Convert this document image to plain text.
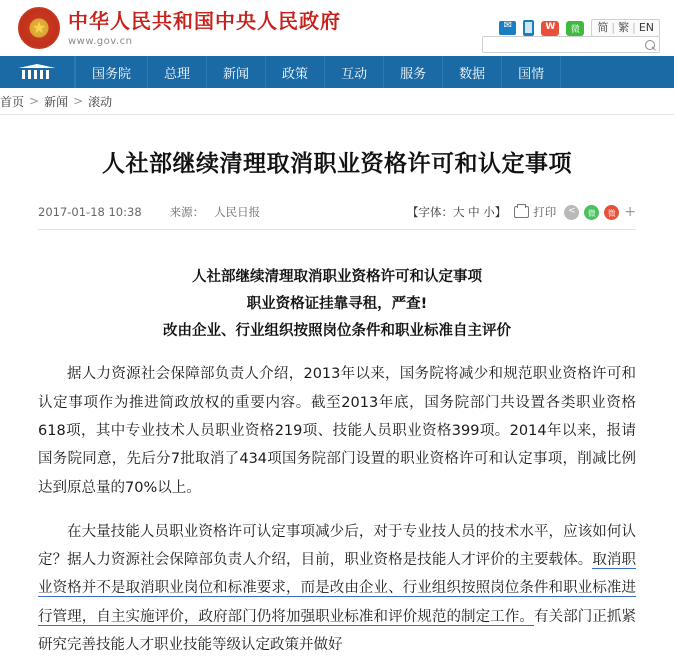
★
中华人民共和国中央人民政府
www.gov.cn
✉
W
微
简 | 繁 | EN
国务院	总理	新闻	政策	互动	服务	数据	国情
首页 > 新闻 > 滚动
人社部继续清理取消职业资格许可和认定事项
2017-01-18 10:38 来源： 人民日报	【字体：大 中 小】 打印 < 微 微	+
人社部继续清理取消职业资格许可和认定事项
职业资格证挂靠寻租，严查!
改由企业、行业组织按照岗位条件和职业标准自主评价

据人力资源社会保障部负责人介绍，2013年以来，国务院将减少和规范职业资格许可和认定事项作为推进简政放权的重要内容。截至2013年底，国务院部门共设置各类职业资格618项，其中专业技术人员职业资格219项、技能人员职业资格399项。2014年以来，报请国务院同意，先后分7批取消了434项国务院部门设置的职业资格许可和认定事项，削减比例达到原总量的70%以上。

在大量技能人员职业资格许可认定事项减少后，对于专业技人员的技术水平，应该如何认定？据人力资源社会保障部负责人介绍，目前，职业资格是技能人才评价的主要载体。取消职业资格并不是取消职业岗位和标准要求，而是改由企业、行业组织按照岗位条件和职业标准进行管理，自主实施评价，政府部门仍将加强职业标准和评价规范的制定工作。有关部门正抓紧研究完善技能人才职业技能等级认定政策并做好
